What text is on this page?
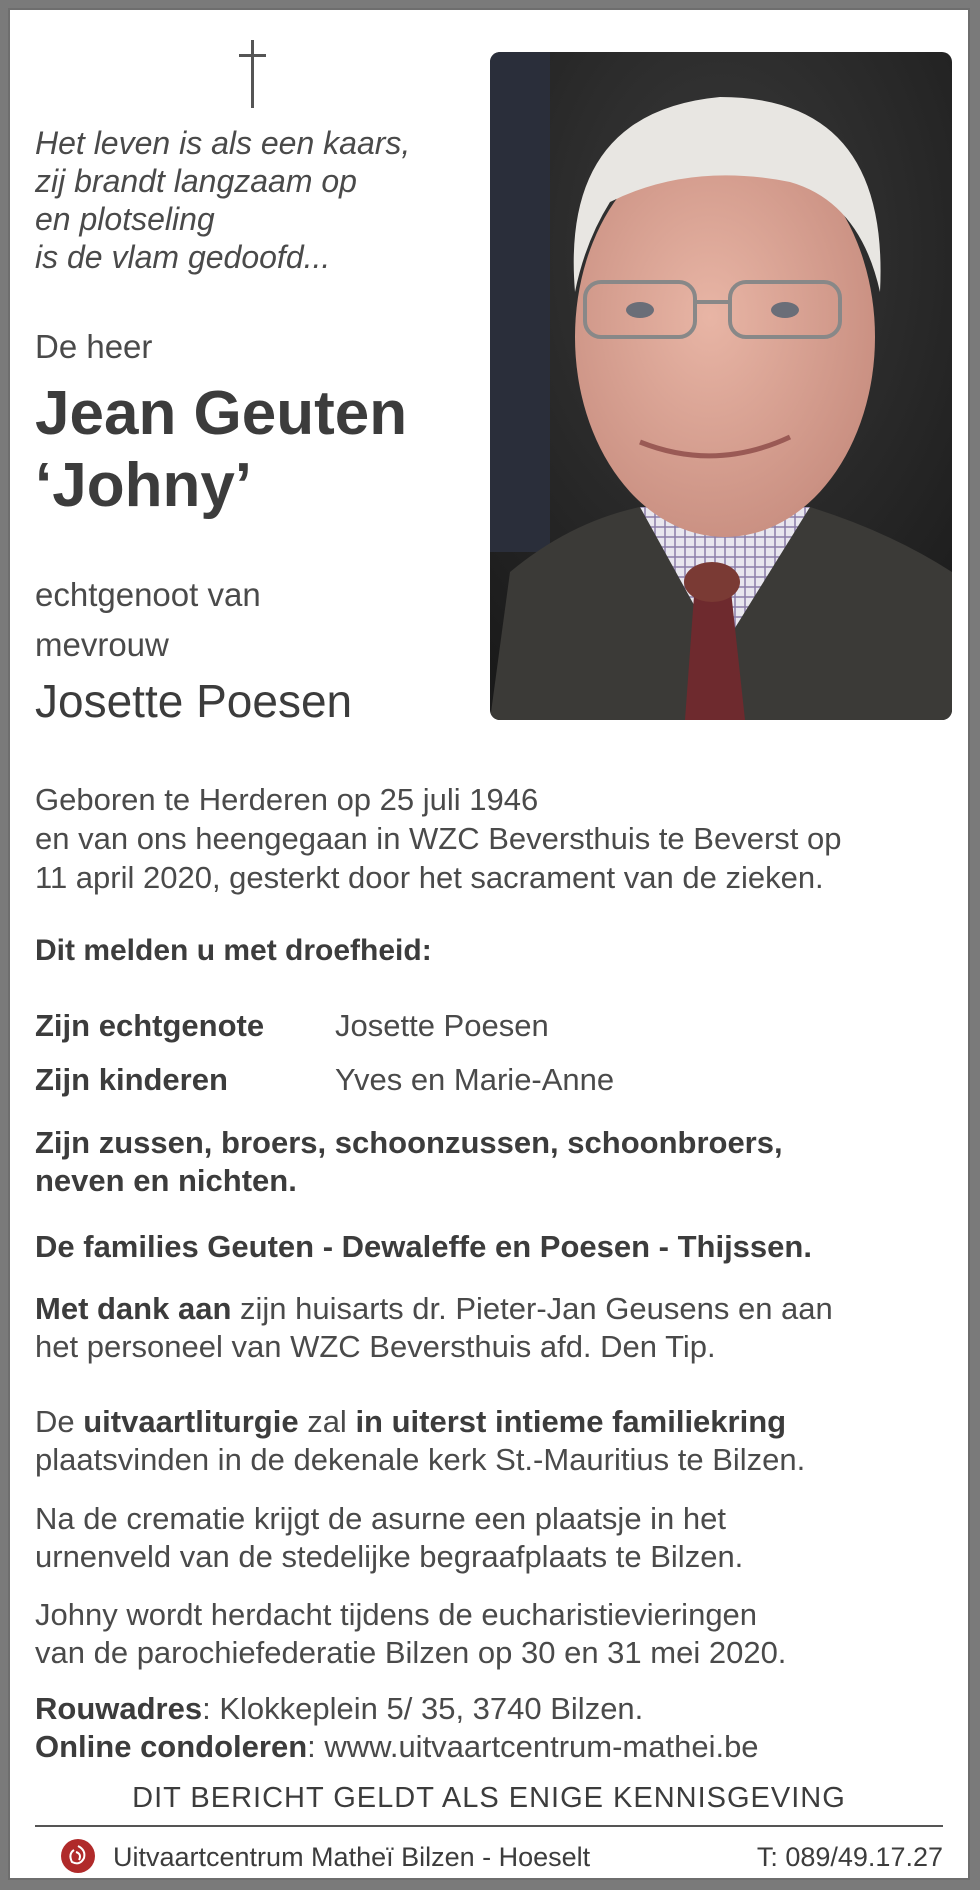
Het leven is als een kaars,
zij brandt langzaam op
en plotseling
is de vlam gedoofd...
De heer
Jean Geuten
‘Johny’
echtgenoot van
mevrouw
Josette Poesen
Geboren te Herderen op 25 juli 1946
en van ons heengegaan in WZC Beversthuis te Beverst op
11 april 2020, gesterkt door het sacrament van de zieken.
Dit melden u met droefheid:
Zijn echtgenote Josette Poesen
Zijn kinderen	Yves en Marie-Anne
Zijn zussen, broers, schoonzussen, schoonbroers,
neven en nichten.
De families Geuten - Dewaleffe en Poesen - Thijssen.
Met dank aan zijn huisarts dr. Pieter-Jan Geusens en aan
het personeel van WZC Beversthuis afd. Den Tip.
De uitvaartliturgie zal in uiterst intieme familiekring
plaatsvinden in de dekenale kerk St.-Mauritius te Bilzen.
Na de crematie krijgt de asurne een plaatsje in het
urnenveld van de stedelijke begraafplaats te Bilzen.
Johny wordt herdacht tijdens de eucharistievieringen
van de parochiefederatie Bilzen op 30 en 31 mei 2020.
Rouwadres: Klokkeplein 5/ 35, 3740 Bilzen.
Online condoleren: www.uitvaartcentrum-mathei.be
DIT BERICHT GELDT ALS ENIGE KENNISGEVING
Uitvaartcentrum Matheï Bilzen - Hoeselt	T: 089/49.17.27
